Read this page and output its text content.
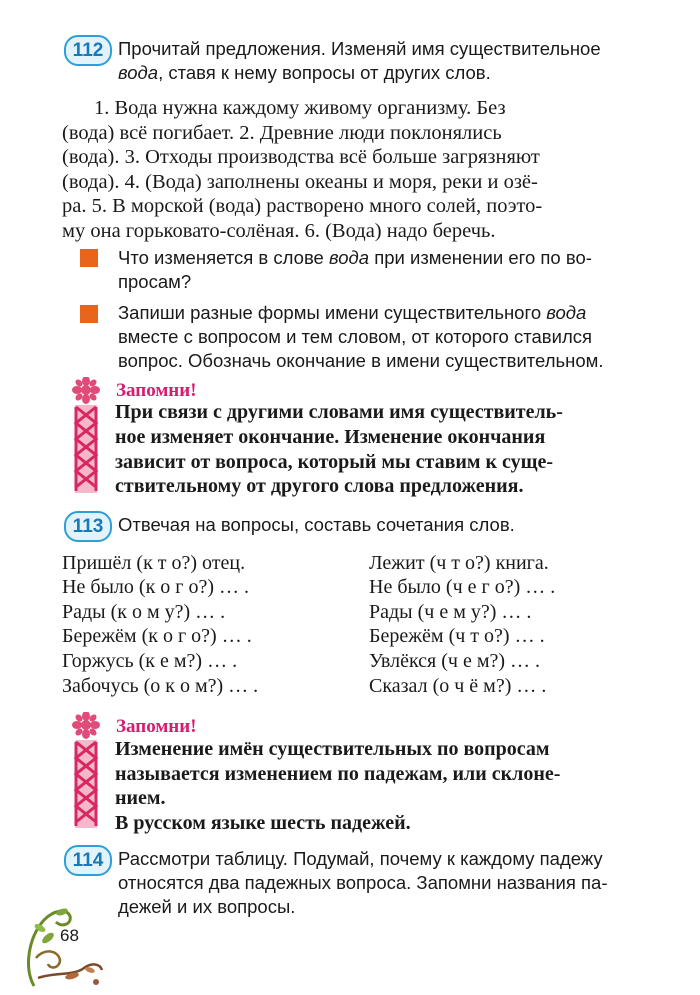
112 Прочитай предложения. Изменяй имя существительное
вода, ставя к нему вопросы от других слов.
1. Вода нужна каждому живому организму. Без
(вода) всё погибает. 2. Древние люди поклонялись
(вода). 3. Отходы производства всё больше загрязняют
(вода). 4. (Вода) заполнены океаны и моря, реки и озё-
ра. 5. В морской (вода) растворено много солей, поэто-
му она горьковато-солёная. 6. (Вода) надо беречь.
Что изменяется в слове вода при изменении его по во-
просам?
Запиши разные формы имени существительного вода
вместе с вопросом и тем словом, от которого ставился
вопрос. Обозначь окончание в имени существительном.
Запомни!
При связи с другими словами имя существитель-
ное изменяет окончание. Изменение окончания
зависит от вопроса, который мы ставим к суще-
ствительному от другого слова предложения.
113 Отвечая на вопросы, составь сочетания слов.
Пришёл (к т о?) отец.
Не было (к о г о?) … .
Рады (к о м у?) … .
Бережём (к о г о?) … .
Горжусь (к е м?) … .
Забочусь (о к о м?) … .
Лежит (ч т о?) книга.
Не было (ч е г о?) … .
Рады (ч е м у?) … .
Бережём (ч т о?) … .
Увлёкся (ч е м?) … .
Сказал (о ч ё м?) … .
Запомни!
Изменение имён существительных по вопросам
называется изменением по падежам, или склоне-
нием.
В русском языке шесть падежей.
114 Рассмотри таблицу. Подумай, почему к каждому падежу
относятся два падежных вопроса. Запомни названия па-
дежей и их вопросы.
68
